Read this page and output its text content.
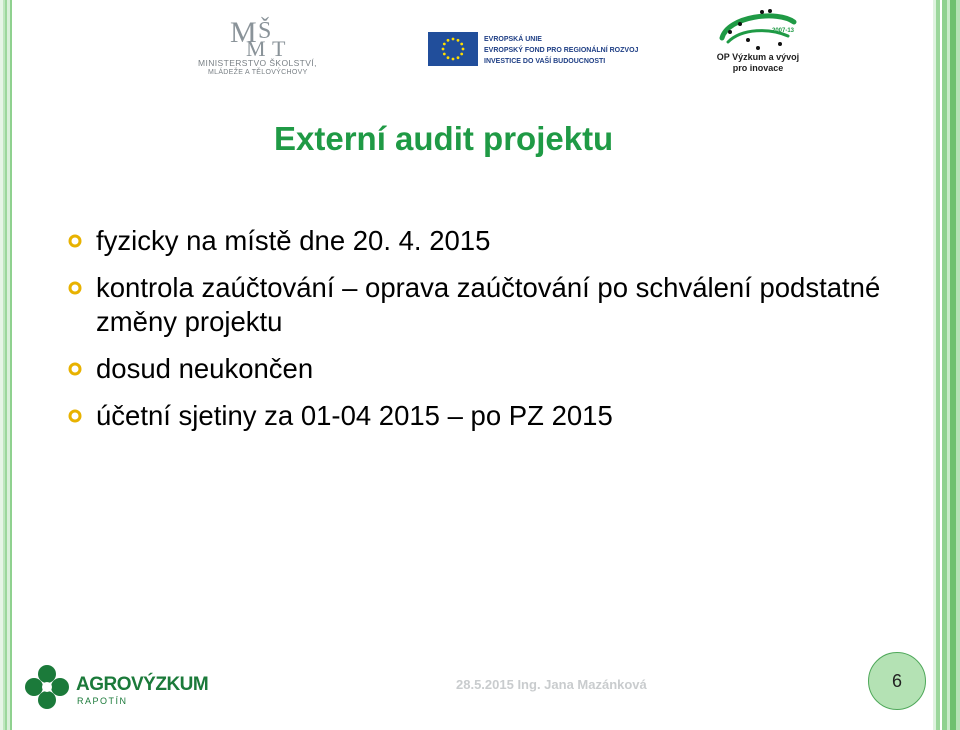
M Š
M T
MINISTERSTVO ŠKOLSTVÍ,
MLÁDEŽE A TĚLOVÝCHOVY
EVROPSKÁ UNIE
EVROPSKÝ FOND PRO REGIONÁLNÍ ROZVOJ
INVESTICE DO VAŠÍ BUDOUCNOSTI
2007-13
OP Výzkum a vývoj
pro inovace
Externí audit projektu
fyzicky na místě dne 20. 4. 2015
kontrola zaúčtování – oprava zaúčtování po schválení podstatné změny projektu
dosud neukončen
účetní sjetiny za 01-04 2015 – po PZ 2015
AGROVÝZKUM
RAPOTÍN
28.5.2015 Ing. Jana Mazánková	6
